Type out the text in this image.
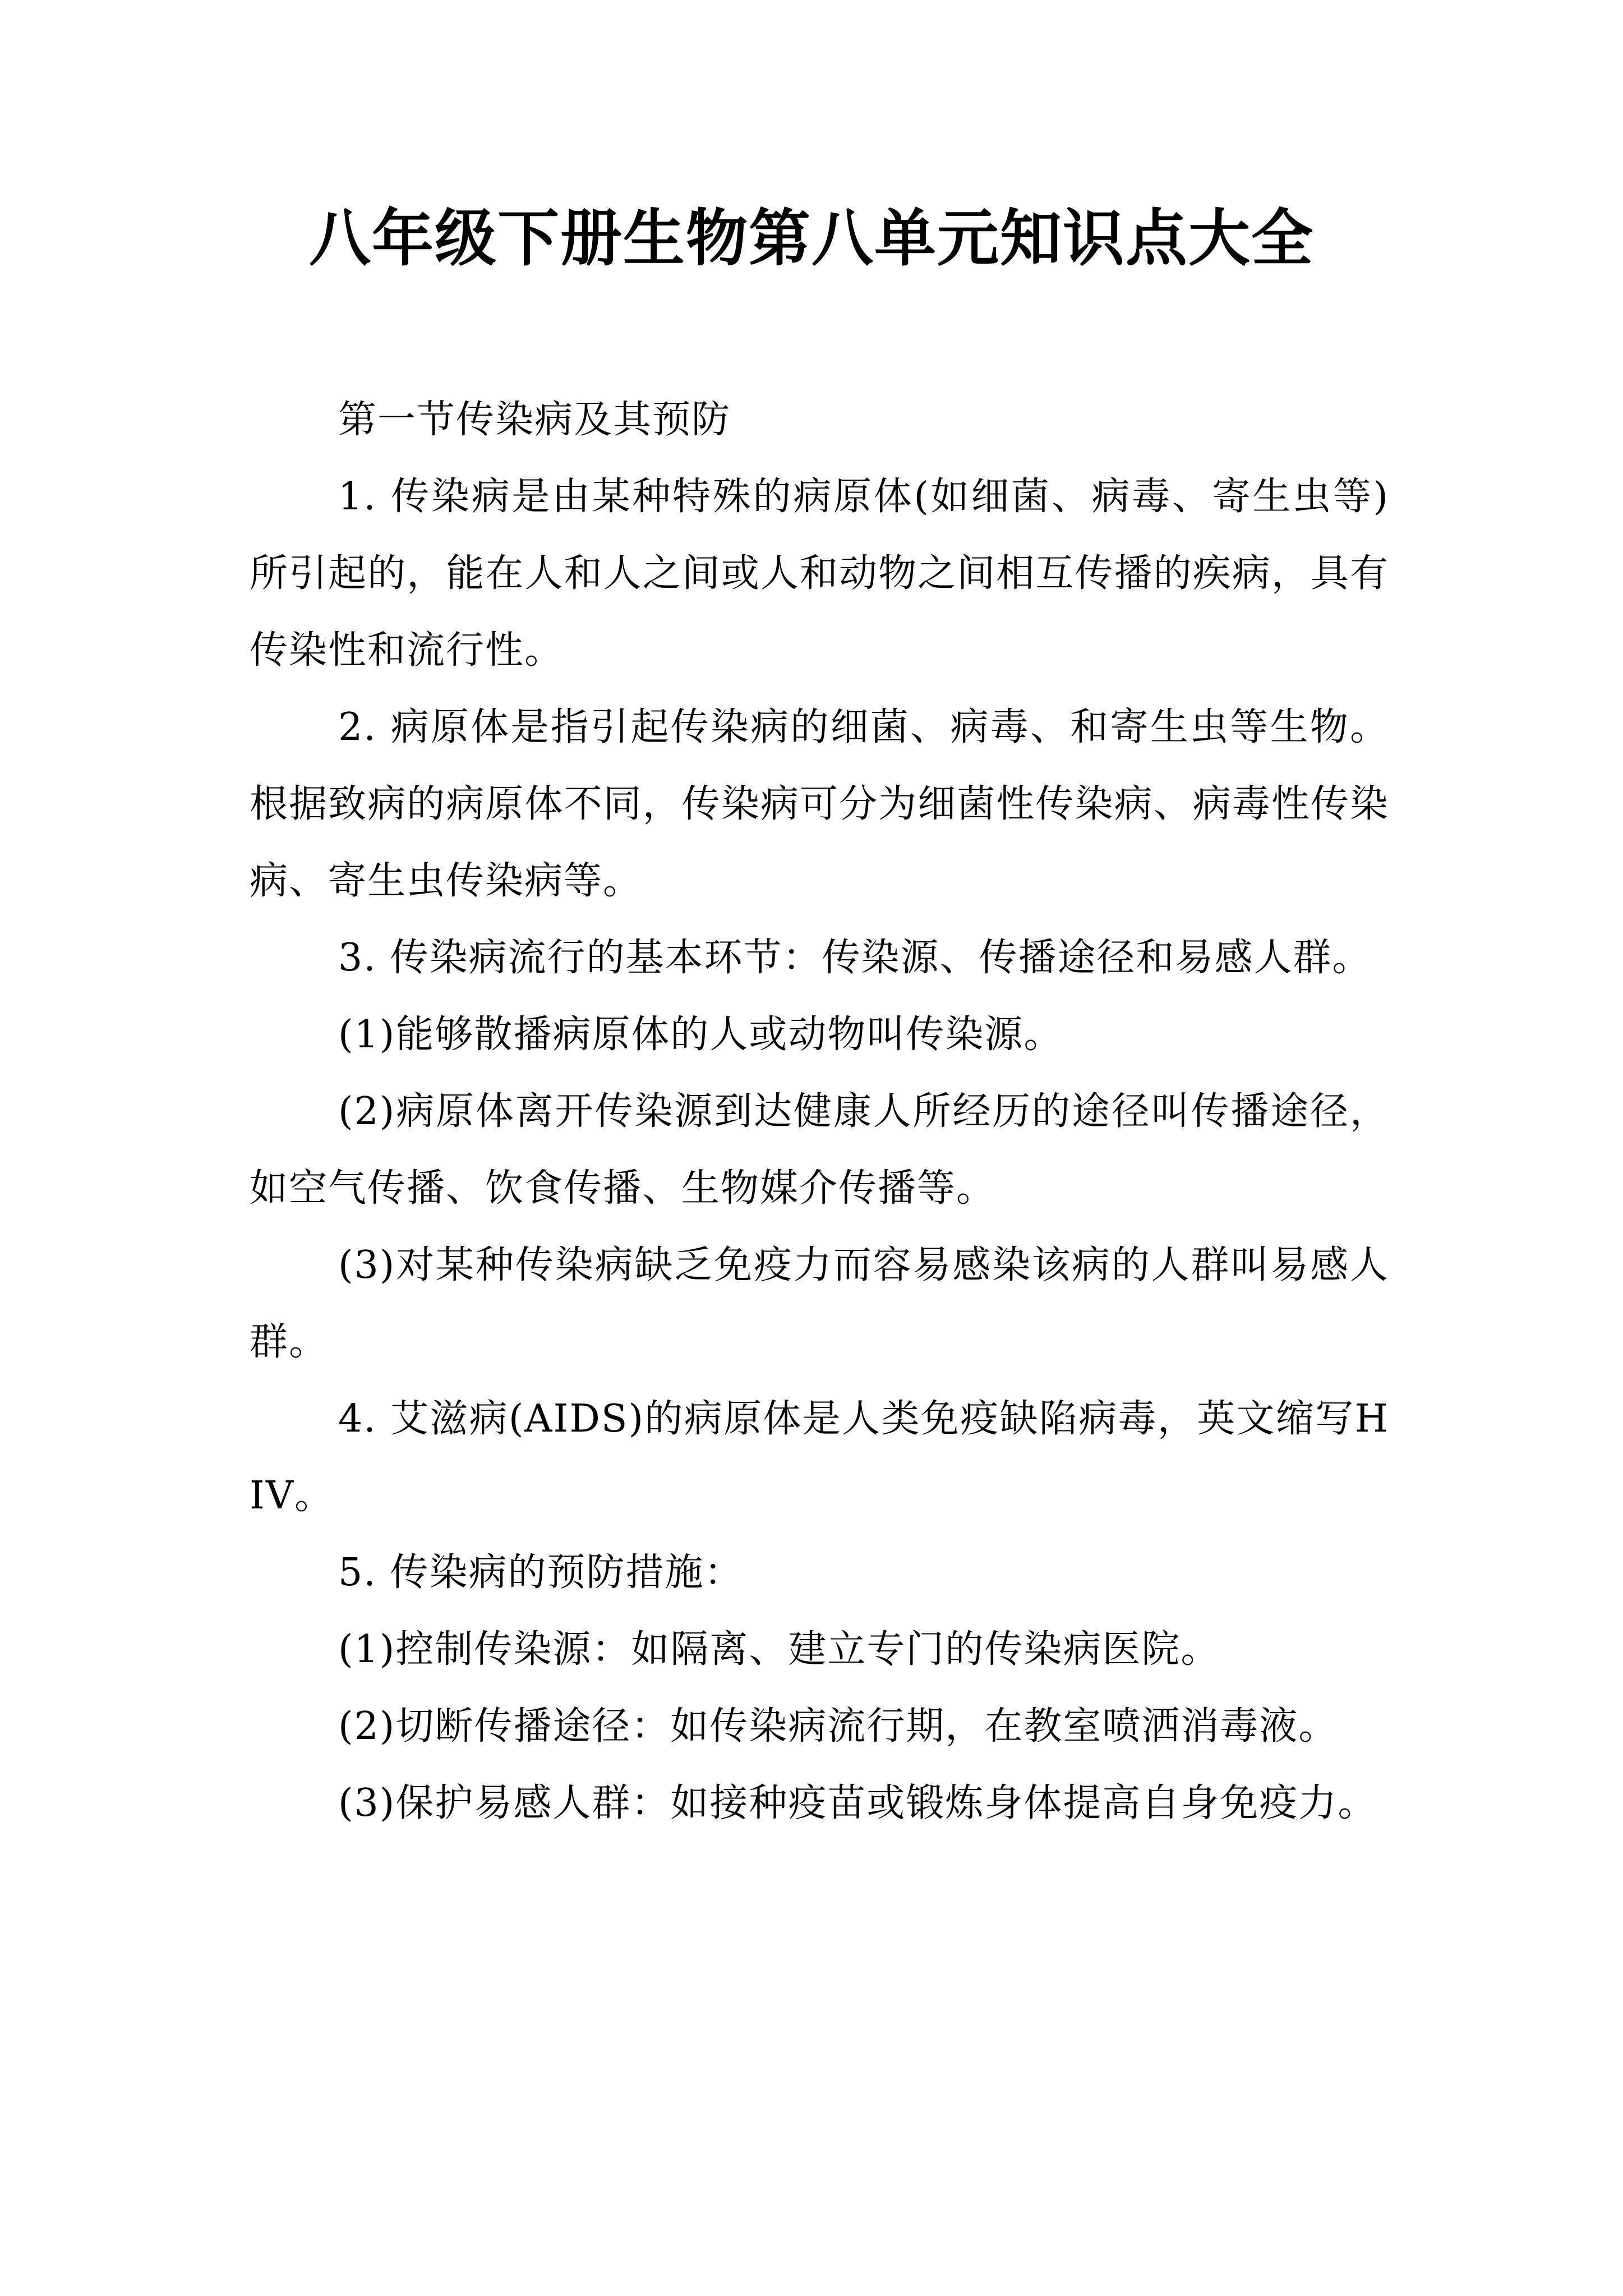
八年级下册生物第八单元知识点大全

第一节传染病及其预防

1. 传染病是由某种特殊的病原体(如细菌、病毒、寄生虫等)所引起的，能在人和人之间或人和动物之间相互传播的疾病，具有传染性和流行性。

2. 病原体是指引起传染病的细菌、病毒、和寄生虫等生物。根据致病的病原体不同，传染病可分为细菌性传染病、病毒性传染病、寄生虫传染病等。

3. 传染病流行的基本环节：传染源、传播途径和易感人群。

(1)能够散播病原体的人或动物叫传染源。

(2)病原体离开传染源到达健康人所经历的途径叫传播途径，如空气传播、饮食传播、生物媒介传播等。

(3)对某种传染病缺乏免疫力而容易感染该病的人群叫易感人群。

4. 艾滋病(AIDS)的病原体是人类免疫缺陷病毒，英文缩写HIV。

5. 传染病的预防措施：

(1)控制传染源：如隔离、建立专门的传染病医院。

(2)切断传播途径：如传染病流行期，在教室喷洒消毒液。

(3)保护易感人群：如接种疫苗或锻炼身体提高自身免疫力。
